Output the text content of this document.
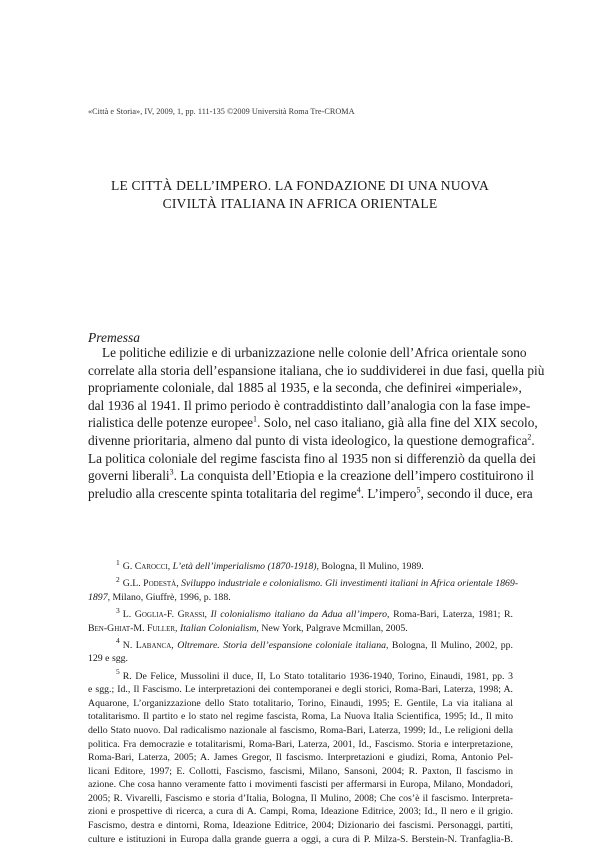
«Città e Storia», IV, 2009, 1, pp. 111-135 ©2009 Università Roma Tre-CROMA
LE CITTÀ DELL’IMPERO. LA FONDAZIONE DI UNA NUOVA
CIVILTÀ ITALIANA IN AFRICA ORIENTALE
Premessa
Le politiche edilizie e di urbanizzazione nelle colonie dell’Africa orientale sono
correlate alla storia dell’espansione italiana, che io suddividerei in due fasi, quella più
propriamente coloniale, dal 1885 al 1935, e la seconda, che definirei «imperiale»,
dal 1936 al 1941. Il primo periodo è contraddistinto dall’analogia con la fase impe-
rialistica delle potenze europee$^1$. Solo, nel caso italiano, già alla fine del XIX secolo,
divenne prioritaria, almeno dal punto di vista ideologico, la questione demografica$^2$.
La politica coloniale del regime fascista fino al 1935 non si differenziò da quella dei
governi liberali$^3$. La conquista dell’Etiopia e la creazione dell’impero costituirono il
preludio alla crescente spinta totalitaria del regime$^4$. L’impero$^5$, secondo il duce, era
$^1$ G. Carocci, L’età dell’imperialismo (1870-1918), Bologna, Il Mulino, 1989.
$^2$ G.L. Podestà, Sviluppo industriale e colonialismo. Gli investimenti italiani in Africa orientale 1869-
1897, Milano, Giuffrè, 1996, p. 188.
$^3$ L. Goglia-F. Grassi, Il colonialismo italiano da Adua all’impero, Roma-Bari, Laterza, 1981; R.
Ben-Ghiat-M. Fuller, Italian Colonialism, New York, Palgrave Mcmillan, 2005.
$^4$ N. Labanca, Oltremare. Storia dell’espansione coloniale italiana, Bologna, Il Mulino, 2002, pp.
129 e sgg.
$^5$ R. De Felice, Mussolini il duce, II, Lo Stato totalitario 1936-1940, Torino, Einaudi, 1981, pp. 3
e sgg.; Id., Il Fascismo. Le interpretazioni dei contemporanei e degli storici, Roma-Bari, Laterza, 1998; A.
Aquarone, L’organizzazione dello Stato totalitario, Torino, Einaudi, 1995; E. Gentile, La via italiana al
totalitarismo. Il partito e lo stato nel regime fascista, Roma, La Nuova Italia Scientifica, 1995; Id., Il mito
dello Stato nuovo. Dal radicalismo nazionale al fascismo, Roma-Bari, Laterza, 1999; Id., Le religioni della
politica. Fra democrazie e totalitarismi, Roma-Bari, Laterza, 2001, Id., Fascismo. Storia e interpretazione,
Roma-Bari, Laterza, 2005; A. James Gregor, Il fascismo. Interpretazioni e giudizi, Roma, Antonio Pel-
licani Editore, 1997; E. Collotti, Fascismo, fascismi, Milano, Sansoni, 2004; R. Paxton, Il fascismo in
azione. Che cosa hanno veramente fatto i movimenti fascisti per affermarsi in Europa, Milano, Mondadori,
2005; R. Vivarelli, Fascismo e storia d’Italia, Bologna, Il Mulino, 2008; Che cos’è il fascismo. Interpreta-
zioni e prospettive di ricerca, a cura di A. Campi, Roma, Ideazione Editrice, 2003; Id., Il nero e il grigio.
Fascismo, destra e dintorni, Roma, Ideazione Editrice, 2004; Dizionario dei fascismi. Personaggi, partiti,
culture e istituzioni in Europa dalla grande guerra a oggi, a cura di P. Milza-S. Berstein-N. Tranfaglia-B.
